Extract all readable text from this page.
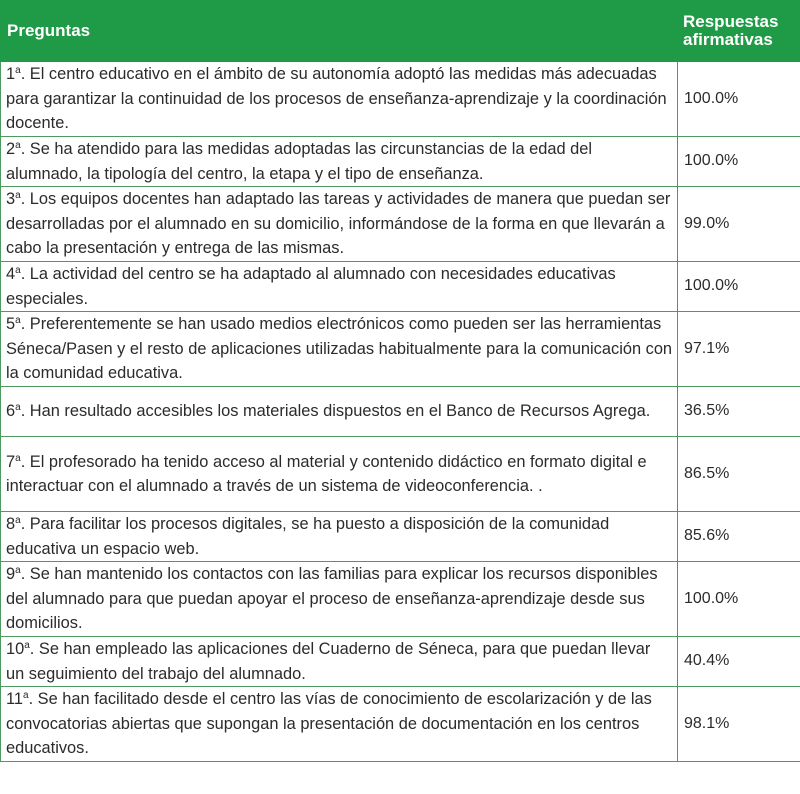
Preguntas	Respuestas
afirmativas

1$^a$. El centro educativo en el ámbito de su autonomía adoptó las medidas más adecuadas para garantizar la continuidad de los procesos de enseñanza-aprendizaje y la coordinación docente.	100.0%
2$^a$. Se ha atendido para las medidas adoptadas las circunstancias de la edad del alumnado, la tipología del centro, la etapa y el tipo de enseñanza.	100.0%
3$^a$. Los equipos docentes han adaptado las tareas y actividades de manera que puedan ser desarrolladas por el alumnado en su domicilio, informándose de la forma en que llevarán a cabo la presentación y entrega de las mismas.	99.0%
4$^a$. La actividad del centro se ha adaptado al alumnado con necesidades educativas especiales.	100.0%
5$^a$. Preferentemente se han usado medios electrónicos como pueden ser las herramientas Séneca/Pasen y el resto de aplicaciones utilizadas habitualmente para la comunicación con la comunidad educativa.	97.1%
6$^a$. Han resultado accesibles los materiales dispuestos en el Banco de Recursos Agrega.	36.5%
7$^a$. El profesorado ha tenido acceso al material y contenido didáctico en formato digital e interactuar con el alumnado a través de un sistema de videoconferencia. .	86.5%
8$^a$. Para facilitar los procesos digitales, se ha puesto a disposición de la comunidad educativa un espacio web.	85.6%
9$^a$. Se han mantenido los contactos con las familias para explicar los recursos disponibles del alumnado para que puedan apoyar el proceso de enseñanza-aprendizaje desde sus domicilios.	100.0%
10$^a$. Se han empleado las aplicaciones del Cuaderno de Séneca, para que puedan llevar un seguimiento del trabajo del alumnado.	40.4%
11$^a$. Se han facilitado desde el centro las vías de conocimiento de escolarización y de las convocatorias abiertas que supongan la presentación de documentación en los centros educativos.	98.1%
